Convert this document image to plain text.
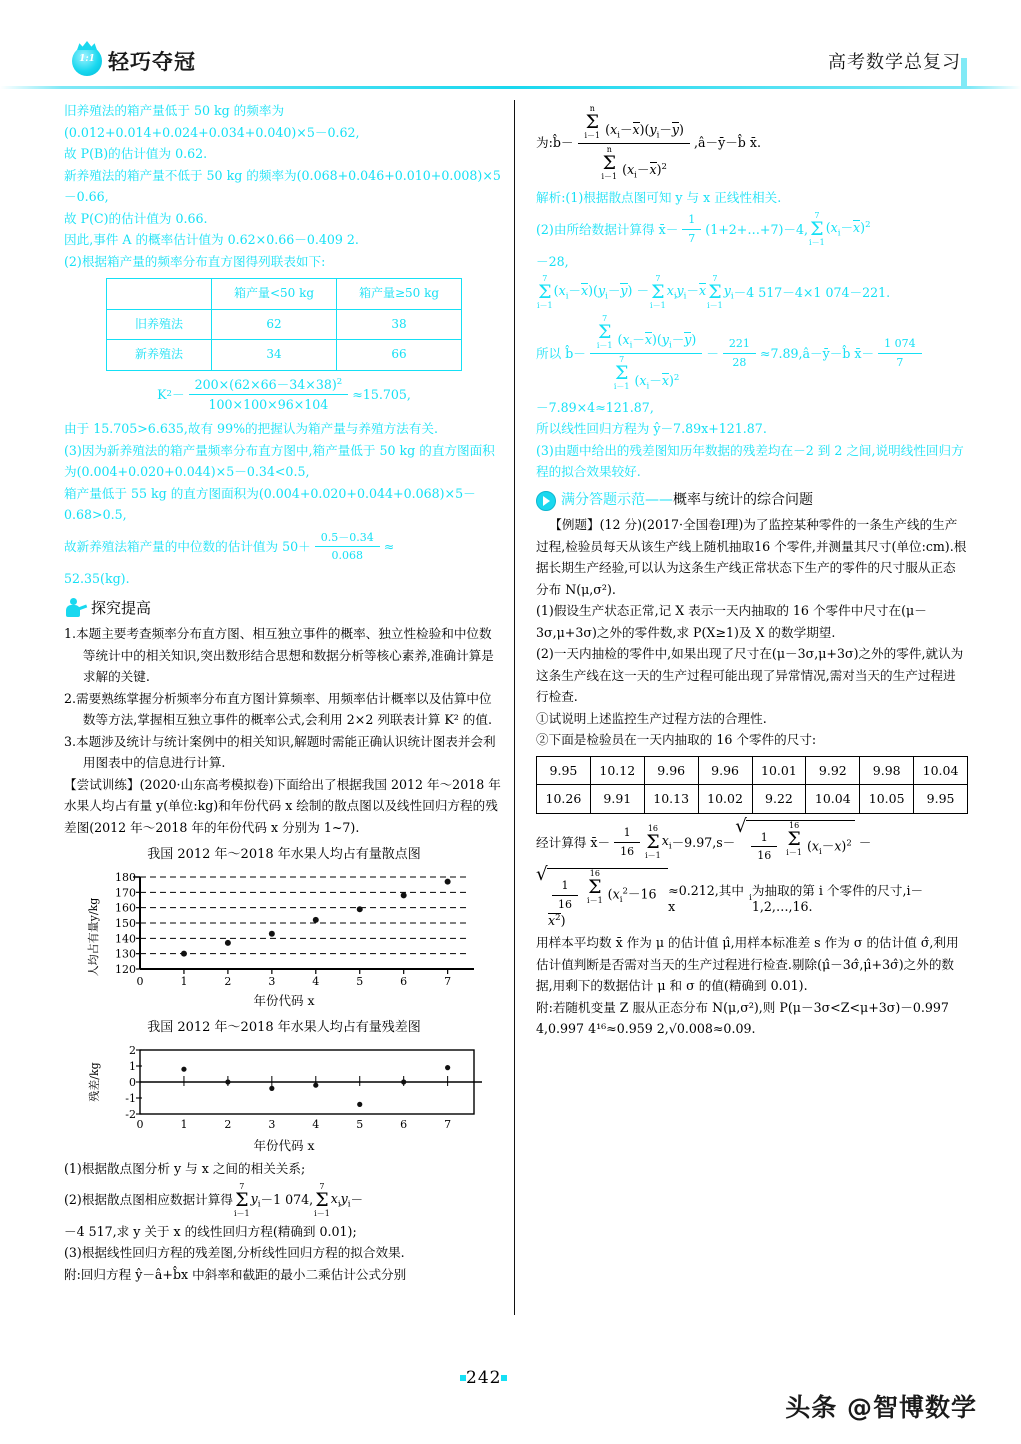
1:1 轻巧夺冠	高考数学总复习
旧养殖法的箱产量低于 50 kg 的频率为
(0.012+0.014+0.024+0.034+0.040)×5－0.62,
故 P(B)的估计值为 0.62.
新养殖法的箱产量不低于 50 kg 的频率为(0.068+0.046+0.010+0.008)×5－0.66,
故 P(C)的估计值为 0.66.
因此,事件 A 的概率估计值为 0.62×0.66－0.409 2.
(2)根据箱产量的频率分布直方图得列联表如下:
	箱产量<50 kg	箱产量≥50 kg
旧养殖法	62	38
新养殖法	34	66
K $2 - \frac{200\times(62\times 66-34\times 38)^2}{100\times 100\times 96\times 104} \approx 15.705$,
由于 15.705>6.635,故有 99%的把握认为箱产量与养殖方法有关.
(3)因为新养殖法的箱产量频率分布直方图中,箱产量低于 50 kg 的直方图面积为(0.004+0.020+0.044)×5－0.34<0.5,
箱产量低于 55 kg 的直方图面积为(0.004+0.020+0.044+0.068)×5－0.68>0.5,
故新养殖法箱产量的中位数的估计值为 $50+ \frac{0.5-0.34}{0.068}$ ≈
52.35(kg).
探究提高
1.本题主要考查频率分布直方图、相互独立事件的概率、独立性检验和中位数等统计中的相关知识,突出数形结合思想和数据分析等核心素养,准确计算是求解的关键.
2.需要熟练掌握分析频率分布直方图计算频率、用频率估计概率以及估算中位数等方法,掌握相互独立事件的概率公式,会利用 2×2 列联表计算 K² 的值.
3.本题涉及统计与统计案例中的相关知识,解题时需能正确认识统计图表并会利用图表中的信息进行计算.
【尝试训练】(2020·山东高考模拟卷)下面给出了根据我国 2012 年～2018 年水果人均占有量 y(单位:kg)和年份代码 x 绘制的散点图以及线性回归方程的残差图(2012 年～2018 年的年份代码 x 分别为 1~7).
我国 2012 年～2018 年水果人均占有量散点图
人均占有量y/kg 120
130
140
150
160
170
180
0	1	2	3	4	5	6	7
年份代码 x
我国 2012 年～2018 年水果人均占有量残差图
残差/kg
-2
-1
0
1
2
0	1	2	3	4	5	6	7
年份代码 x
(1)根据散点图分析 y 与 x 之间的相关关系;
(2)根据散点图相应数据计算得
7
Σ
i－1
$y_i -1$ 074,
7
Σ
i－1
$x_iy_i$ －
－4 517,求 y 关于 x 的线性回归方程(精确到 0.01);
(3)根据线性回归方程的残差图,分析线性回归方程的拟合效果.
附:回归方程 ŷ－â+b̂x 中斜率和截距的最小二乘估计公式分别
为: b̂－
n
Σ
i－1 $(x_i-x)(y_i-y)$
n
Σ
i－1 $(x_i-x)^2$
,â－ȳ－b̂ x̄.
解析:(1)根据散点图可知 y 与 x 正线性相关.
(2)由所给数据计算得 x̄－ $\frac{1}{7}$ (1+2+…+7)－4,
7
Σ
i－1
$(x_i-x)^2$
－28,
7
Σ
i－1
$(x_i-x)(y_i-y)$ －
7
Σ
i－1
$x_iy_i-x$
7
Σ
i－1
$y_i -4$ 517－4×1 074－221.
所以 b̂－
7
Σ
i－1 $(x_i-x)(y_i-y)$
7
Σ
i－1 $(x_i-x)^2$
－ $\frac{221}{28}$ ≈7.89,â－ȳ－b̂ x̄－ $\frac{1 074}{7}$
－7.89×4≈121.87,
所以线性回归方程为 ŷ－7.89x+121.87.
(3)由题中给出的残差图知历年数据的残差均在－2 到 2 之间,说明线性回归方程的拟合效果较好.
满分答题示范——概率与统计的综合问题
【例题】(12 分)(2017·全国卷Ⅰ理)为了监控某种零件的一条生产线的生产过程,检验员每天从该生产线上随机抽取16 个零件,并测量其尺寸(单位:cm).根据长期生产经验,可以认为这条生产线正常状态下生产的零件的尺寸服从正态分布 N(μ,σ²).
(1)假设生产状态正常,记 X 表示一天内抽取的 16 个零件中尺寸在(μ－3σ,μ+3σ)之外的零件数,求 P(X≥1)及 X 的数学期望.
(2)一天内抽检的零件中,如果出现了尺寸在(μ－3σ,μ+3σ)之外的零件,就认为这条生产线在这一天的生产过程可能出现了异常情况,需对当天的生产过程进行检查.
①试说明上述监控生产过程方法的合理性.
②下面是检验员在一天内抽取的 16 个零件的尺寸:
9.95	10.12	9.96	9.96	10.01	9.92	9.98	10.04
10.26	9.91	10.13	10.02	9.22	10.04	10.05	9.95
经计算得 x̄－ $\frac{1}{16} 16$
Σ
i－1
$x_i -9.97,s-$ √ $\frac{1}{16}$

16
Σ
i－1 $(x_i-x)^2$ －
√ $\frac{1}{16}$

16
Σ
i－1 $(x_i^2-16x^2)$
≈0.212,其中 x
i
为抽取的第 i 个零件的尺寸,i－1,2,…,16.
用样本平均数 x̄ 作为 μ 的估计值 μ̂,用样本标准差 s 作为 σ 的估计值 σ̂,利用估计值判断是否需对当天的生产过程进行检查.剔除(μ̂－3σ̂,μ̂+3σ̂)之外的数据,用剩下的数据估计 μ 和 σ 的值(精确到 0.01).
附:若随机变量 Z 服从正态分布 N(μ,σ²),则 P(μ－3σ<Z<μ+3σ)－0.997 4,0.997 4¹⁶≈0.959 2,√0.008≈0.09.
242
头条 @智博数学
